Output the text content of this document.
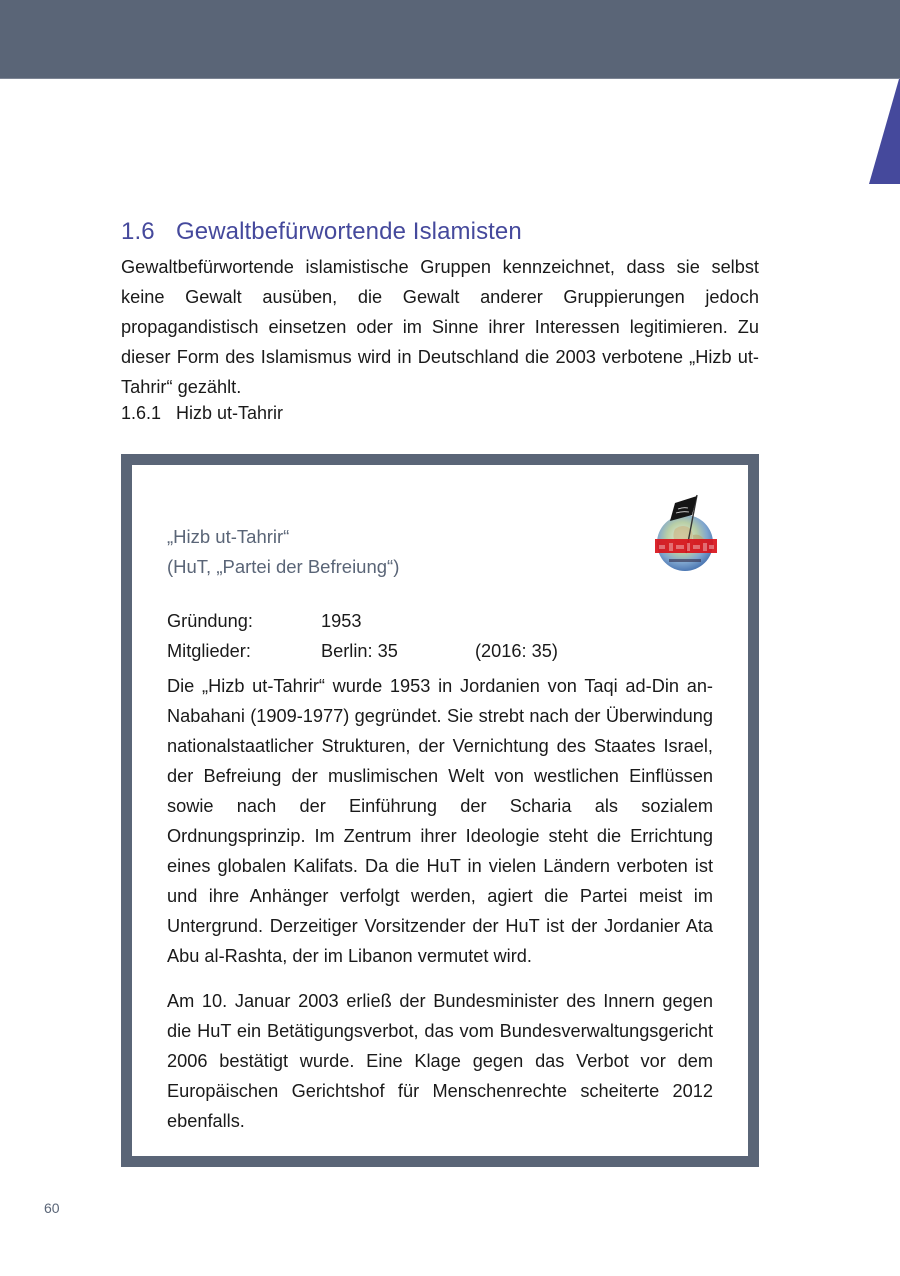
1.6 Gewaltbefürwortende Islamisten

Gewaltbefürwortende islamistische Gruppen kennzeichnet, dass sie selbst keine Gewalt ausüben, die Gewalt anderer Gruppierungen jedoch propagandistisch einsetzen oder im Sinne ihrer Interessen legitimieren. Zu dieser Form des Islamismus wird in Deutschland die 2003 verbotene „Hizb ut-Tahrir“ gezählt.

1.6.1 Hizb ut-Tahrir
„Hizb ut-Tahrir“
(HuT, „Partei der Befreiung“)
Gründung:	1953
Mitglieder:	Berlin: 35	(2016: 35)

Die „Hizb ut-Tahrir“ wurde 1953 in Jordanien von Taqi ad-Din an-Nabahani (1909-1977) gegründet. Sie strebt nach der Überwindung nationalstaatlicher Strukturen, der Vernichtung des Staates Israel, der Befreiung der muslimischen Welt von westlichen Einflüssen sowie nach der Einführung der Scharia als sozialem Ordnungsprinzip. Im Zentrum ihrer Ideologie steht die Errichtung eines globalen Kalifats. Da die HuT in vielen Ländern verboten ist und ihre Anhänger verfolgt werden, agiert die Partei meist im Untergrund. Derzeitiger Vorsitzender der HuT ist der Jordanier Ata Abu al-Rashta, der im Libanon vermutet wird.

Am 10. Januar 2003 erließ der Bundesminister des Innern gegen die HuT ein Betätigungsverbot, das vom Bundesverwaltungsgericht 2006 bestätigt wurde. Eine Klage gegen das Verbot vor dem Europäischen Gerichtshof für Menschenrechte scheiterte 2012 ebenfalls.

60
